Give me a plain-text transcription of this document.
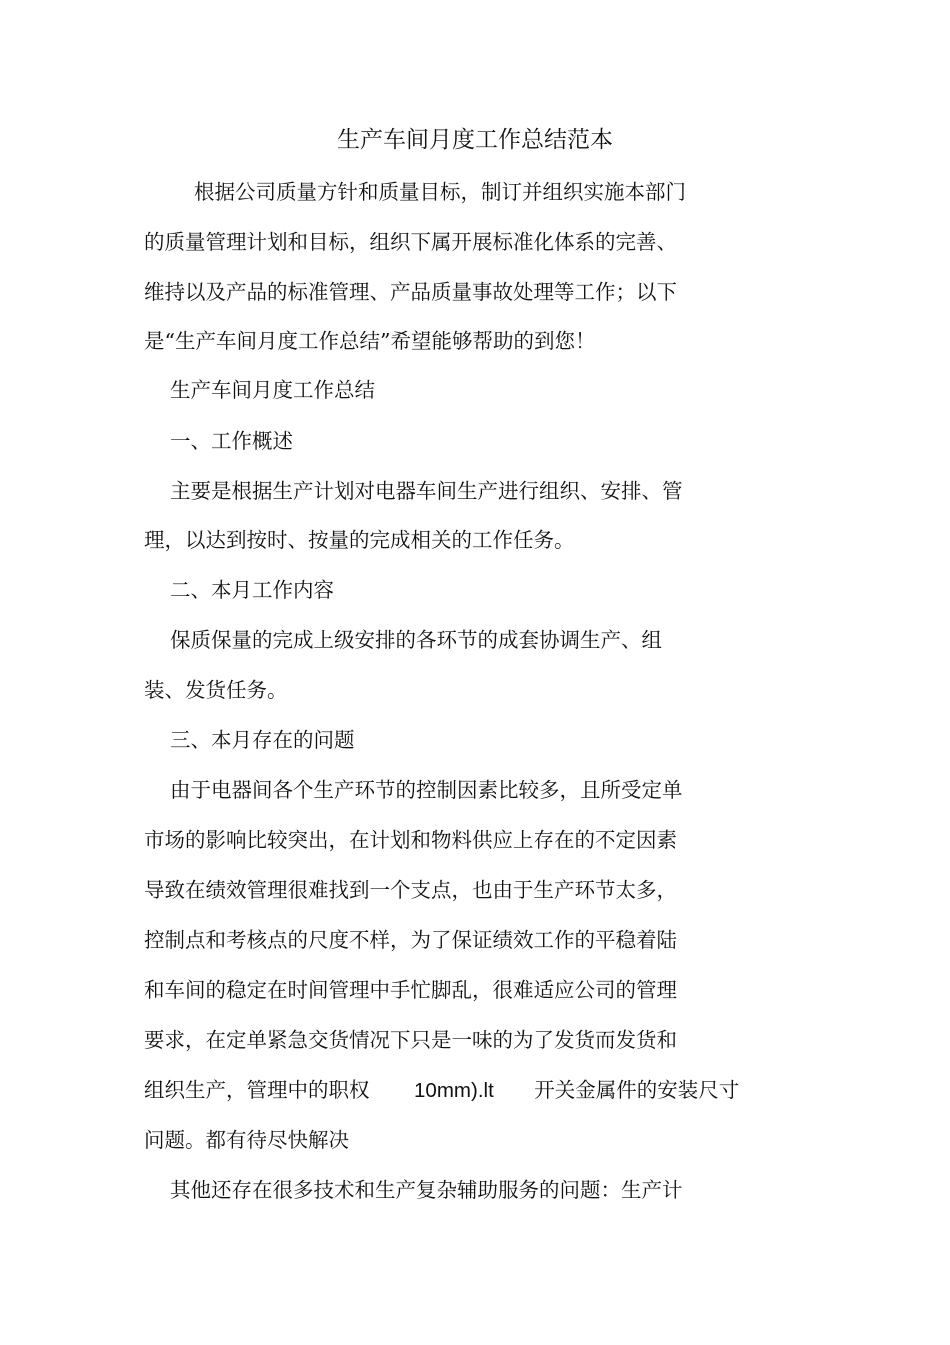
生产车间月度工作总结范本
根据公司质量方针和质量目标，制订并组织实施本部门
的质量管理计划和目标，组织下属开展标准化体系的完善、
维持以及产品的标准管理、产品质量事故处理等工作；以下
是“生产车间月度工作总结”希望能够帮助的到您！
生产车间月度工作总结
一、工作概述
主要是根据生产计划对电器车间生产进行组织、安排、管
理，以达到按时、按量的完成相关的工作任务。
二、本月工作内容
保质保量的完成上级安排的各环节的成套协调生产、组
装、发货任务。
三、本月存在的问题
由于电器间各个生产环节的控制因素比较多，且所受定单
市场的影响比较突出，在计划和物料供应上存在的不定因素
导致在绩效管理很难找到一个支点，也由于生产环节太多，
控制点和考核点的尺度不样，为了保证绩效工作的平稳着陆
和车间的稳定在时间管理中手忙脚乱，很难适应公司的管理
要求，在定单紧急交货情况下只是一味的为了发货而发货和
组织生产，管理中的职权 10mm).lt 开关金属件的安装尺寸
问题。都有待尽快解决
其他还存在很多技术和生产复杂辅助服务的问题：生产计
